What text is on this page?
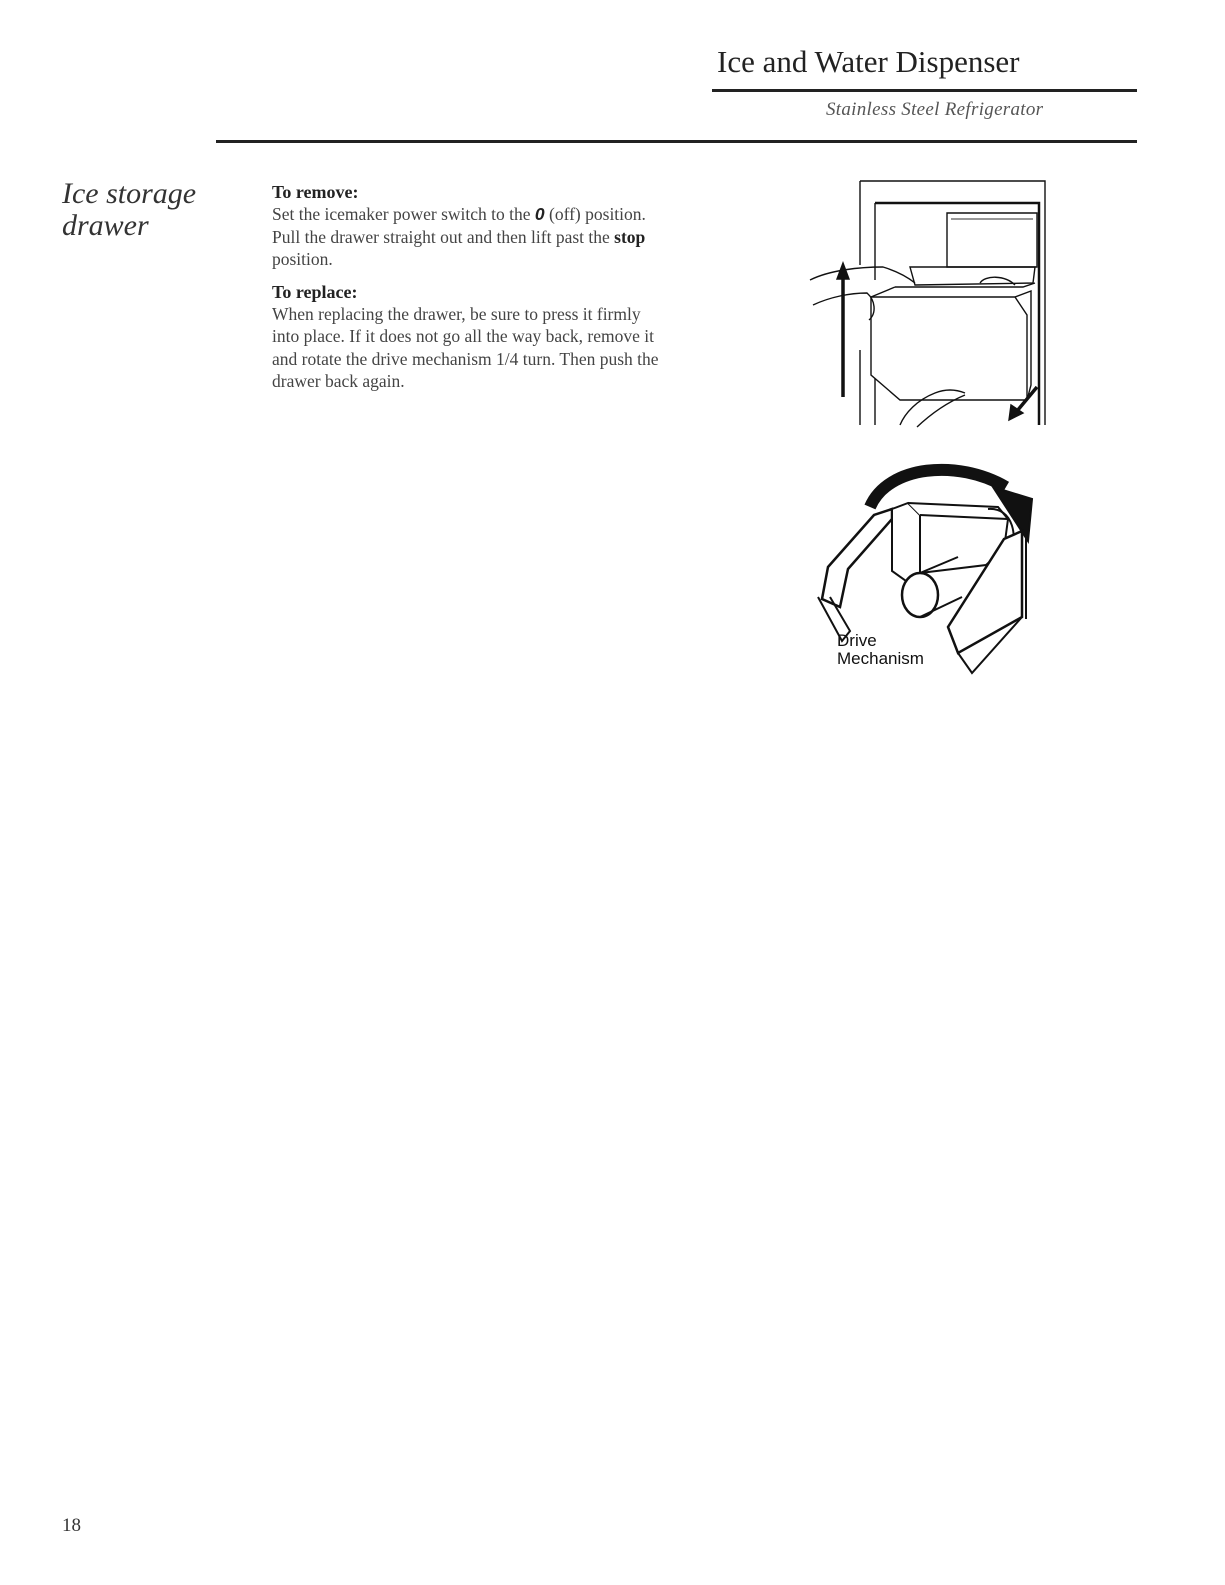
Ice and Water Dispenser
Stainless Steel Refrigerator
Ice storage
drawer

To remove:

Set the icemaker power switch to the 0 (off) position. Pull the drawer straight out and then lift past the stop position.

To replace:

When replacing the drawer, be sure to press it firmly into place. If it does not go all the way back, remove it and rotate the drive mechanism 1/4 turn. Then push the drawer back again.

Drive
Mechanism
18
